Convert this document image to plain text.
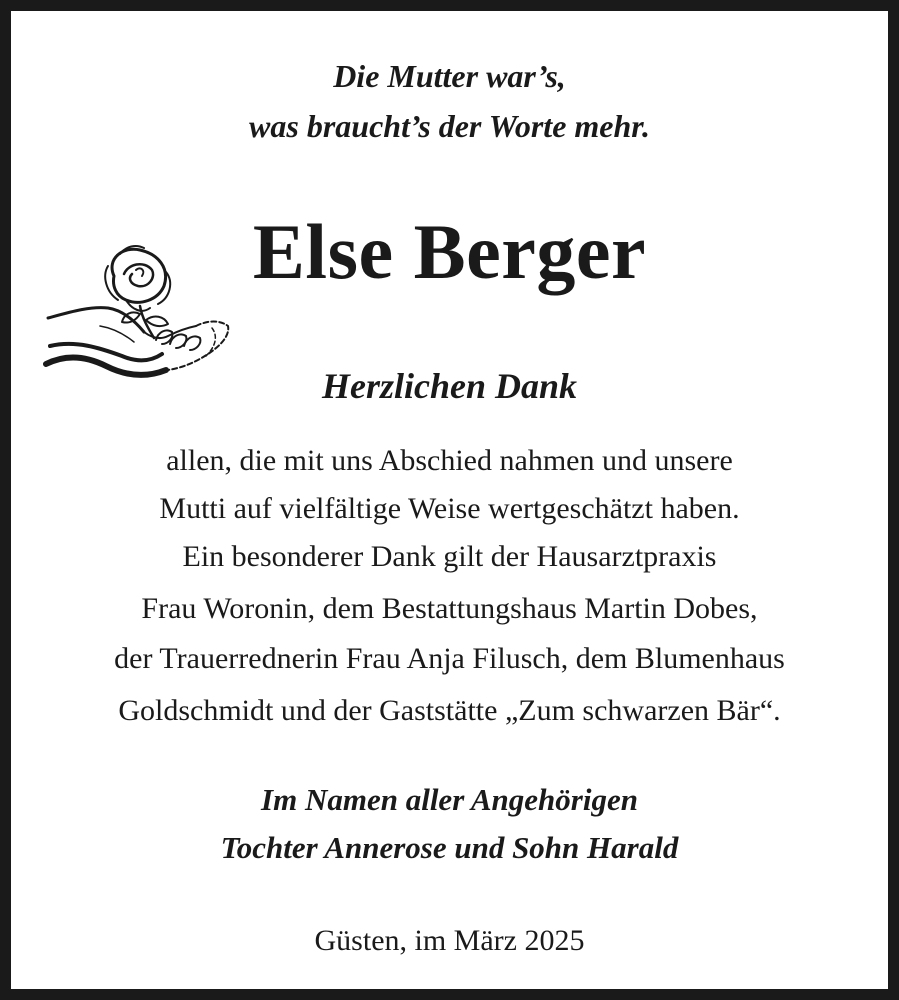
Die Mutter war’s,
was braucht’s der Worte mehr.
Else Berger
Herzlichen Dank
allen, die mit uns Abschied nahmen und unsere
Mutti auf vielfältige Weise wertgeschätzt haben.
Ein besonderer Dank gilt der Hausarztpraxis
Frau Woronin, dem Bestattungshaus Martin Dobes,
der Trauerrednerin Frau Anja Filusch, dem Blumenhaus
Goldschmidt und der Gaststätte „Zum schwarzen Bär“.
Im Namen aller Angehörigen
Tochter Annerose und Sohn Harald
Güsten, im März 2025
